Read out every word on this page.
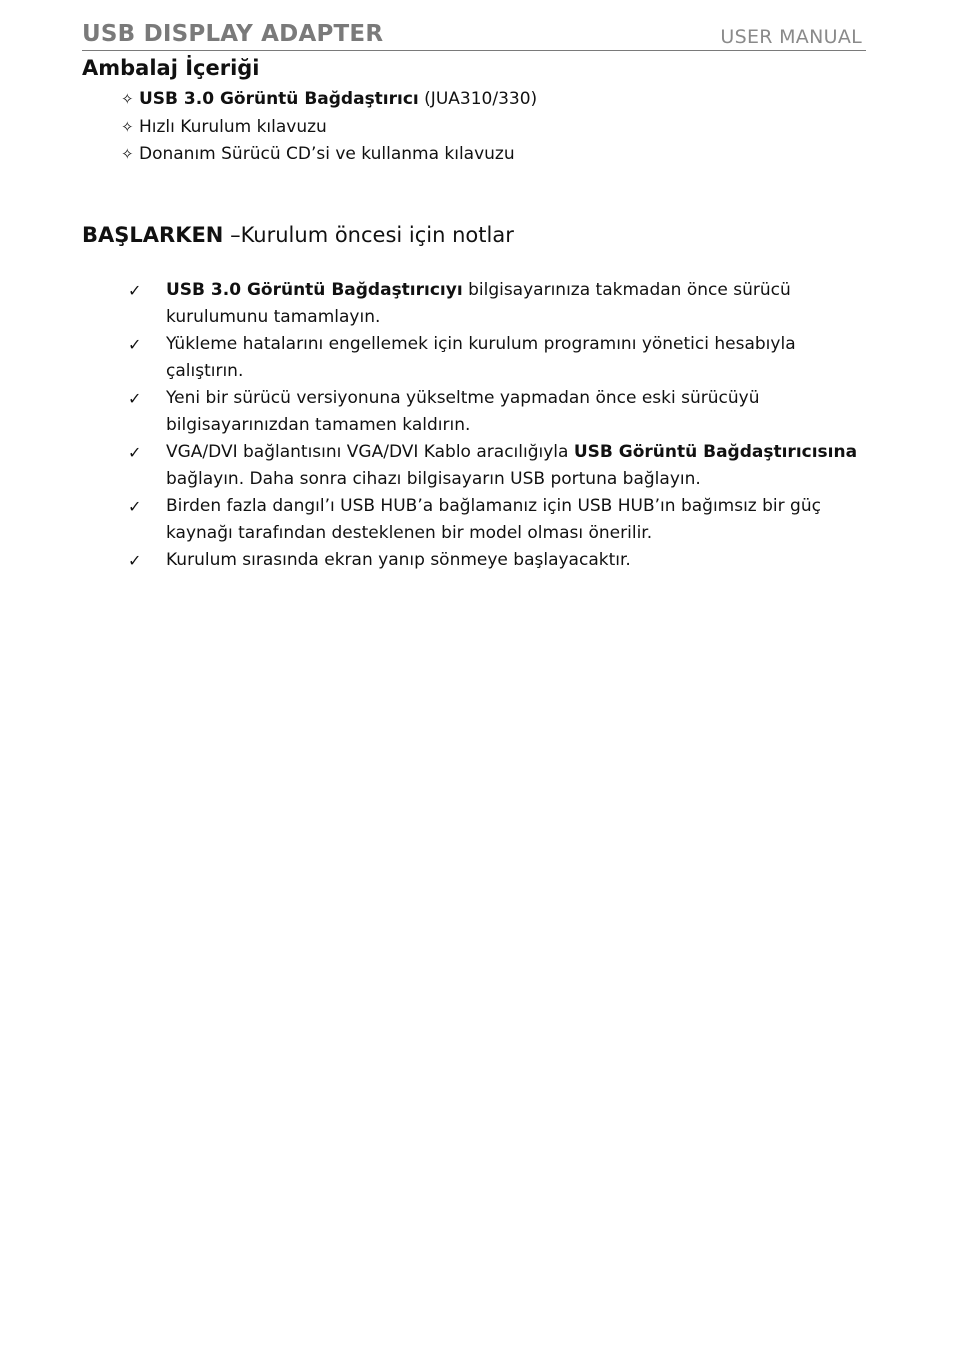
USB DISPLAY ADAPTER	USER MANUAL
Ambalaj İçeriği
✧ USB 3.0 Görüntü Bağdaştırıcı (JUA310/330)
✧ Hızlı Kurulum kılavuzu
✧ Donanım Sürücü CD’si ve kullanma kılavuzu
BAŞLARKEN –Kurulum öncesi için notlar
✓ USB 3.0 Görüntü Bağdaştırıcıyı bilgisayarınıza takmadan önce sürücü
kurulumunu tamamlayın.
✓ Yükleme hatalarını engellemek için kurulum programını yönetici hesabıyla
çalıştırın.
✓ Yeni bir sürücü versiyonuna yükseltme yapmadan önce eski sürücüyü
bilgisayarınızdan tamamen kaldırın.
✓ VGA/DVI bağlantısını VGA/DVI Kablo aracılığıyla USB Görüntü Bağdaştırıcısına
bağlayın. Daha sonra cihazı bilgisayarın USB portuna bağlayın.
✓ Birden fazla dangıl’ı USB HUB’a bağlamanız için USB HUB’ın bağımsız bir güç
kaynağı tarafından desteklenen bir model olması önerilir.
✓ Kurulum sırasında ekran yanıp sönmeye başlayacaktır.
